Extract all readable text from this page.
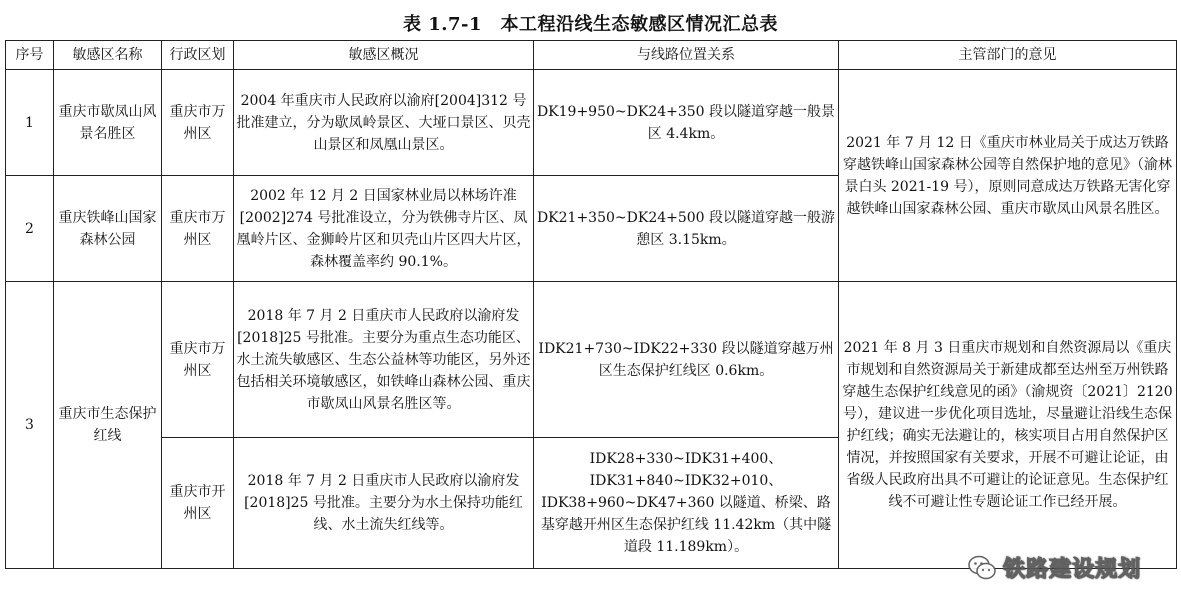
表 1.7-1　本工程沿线生态敏感区情况汇总表
序号	敏感区名称	行政区划	敏感区概况	与线路位置关系	主管部门的意见
1	重庆市歇凤山风景名胜区	重庆市万州区	2004 年重庆市人民政府以渝府[2004]312 号批准建立，分为歇凤岭景区、大垭口景区、贝壳山景区和凤凰山景区。	DK19+950~DK24+350 段以隧道穿越一般景区 4.4km。	2021 年 7 月 12 日《重庆市林业局关于成达万铁路穿越铁峰山国家森林公园等自然保护地的意见》（渝林景白头 2021-19 号），原则同意成达万铁路无害化穿越铁峰山国家森林公园、重庆市歇凤山风景名胜区。
2	重庆铁峰山国家森林公园	重庆市万州区	2002 年 12 月 2 日国家林业局以林场许准[2002]274 号批准设立，分为铁佛寺片区、凤凰岭片区、金狮岭片区和贝壳山片区四大片区，森林覆盖率约 90.1%。	DK21+350~DK24+500 段以隧道穿越一般游憩区 3.15km。	
3	重庆市生态保护红线	重庆市万州区	2018 年 7 月 2 日重庆市人民政府以渝府发[2018]25 号批准。主要分为重点生态功能区、水土流失敏感区、生态公益林等功能区，另外还包括相关环境敏感区，如铁峰山森林公园、重庆市歇凤山风景名胜区等。	IDK21+730~IDK22+330 段以隧道穿越万州区生态保护红线区 0.6km。	2021 年 8 月 3 日重庆市规划和自然资源局以《重庆市规划和自然资源局关于新建成都至达州至万州铁路穿越生态保护红线意见的函》（渝规资〔2021〕2120 号），建议进一步优化项目选址，尽量避让沿线生态保护红线；确实无法避让的，核实项目占用自然保护区情况，并按照国家有关要求，开展不可避让论证，由省级人民政府出具不可避让的论证意见。生态保护红线不可避让性专题论证工作已经开展。
		重庆市开州区	2018 年 7 月 2 日重庆市人民政府以渝府发[2018]25 号批准。主要分为水土保持功能红线、水土流失红线等。	IDK28+330~IDK31+400、IDK31+840~IDK32+010、IDK38+960~DK47+360 以隧道、桥梁、路基穿越开州区生态保护红线 11.42km（其中隧道段 11.189km）。	
铁路建设规划
